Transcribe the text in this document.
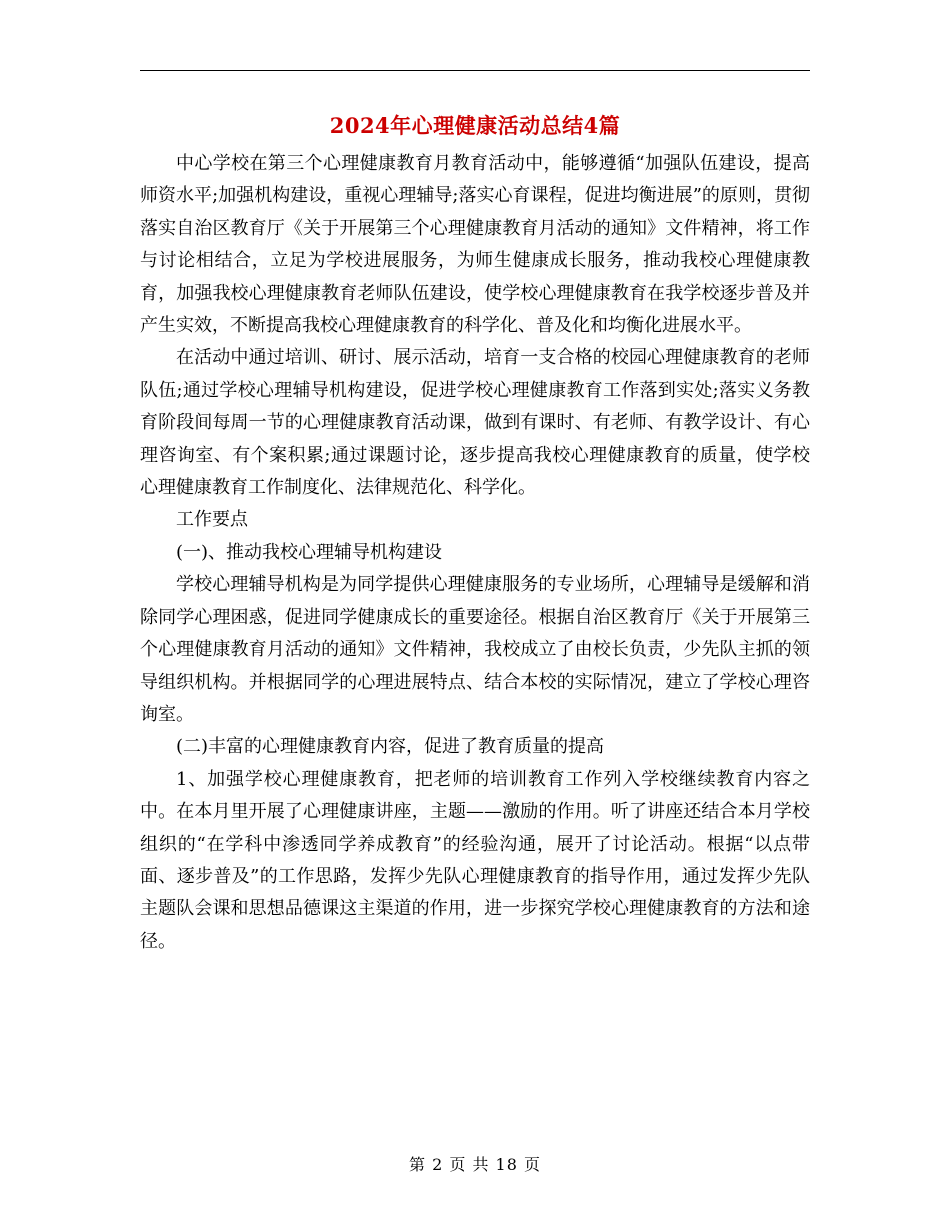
2024年心理健康活动总结4篇

中心学校在第三个心理健康教育月教育活动中，能够遵循“加强队伍建设，提高师资水平;加强机构建设，重视心理辅导;落实心育课程，促进均衡进展”的原则，贯彻落实自治区教育厅《关于开展第三个心理健康教育月活动的通知》文件精神，将工作与讨论相结合，立足为学校进展服务，为师生健康成长服务，推动我校心理健康教育，加强我校心理健康教育老师队伍建设，使学校心理健康教育在我学校逐步普及并产生实效，不断提高我校心理健康教育的科学化、普及化和均衡化进展水平。

在活动中通过培训、研讨、展示活动，培育一支合格的校园心理健康教育的老师队伍;通过学校心理辅导机构建设，促进学校心理健康教育工作落到实处;落实义务教育阶段间每周一节的心理健康教育活动课，做到有课时、有老师、有教学设计、有心理咨询室、有个案积累;通过课题讨论，逐步提高我校心理健康教育的质量，使学校心理健康教育工作制度化、法律规范化、科学化。

工作要点

(一)、推动我校心理辅导机构建设

学校心理辅导机构是为同学提供心理健康服务的专业场所，心理辅导是缓解和消除同学心理困惑，促进同学健康成长的重要途径。根据自治区教育厅《关于开展第三个心理健康教育月活动的通知》文件精神，我校成立了由校长负责，少先队主抓的领导组织机构。并根据同学的心理进展特点、结合本校的实际情况，建立了学校心理咨询室。

(二)丰富的心理健康教育内容，促进了教育质量的提高

1、加强学校心理健康教育，把老师的培训教育工作列入学校继续教育内容之中。在本月里开展了心理健康讲座，主题——激励的作用。听了讲座还结合本月学校组织的“在学科中渗透同学养成教育”的经验沟通，展开了讨论活动。根据“以点带面、逐步普及”的工作思路，发挥少先队心理健康教育的指导作用，通过发挥少先队主题队会课和思想品德课这主渠道的作用，进一步探究学校心理健康教育的方法和途径。

第 2 页 共 18 页
